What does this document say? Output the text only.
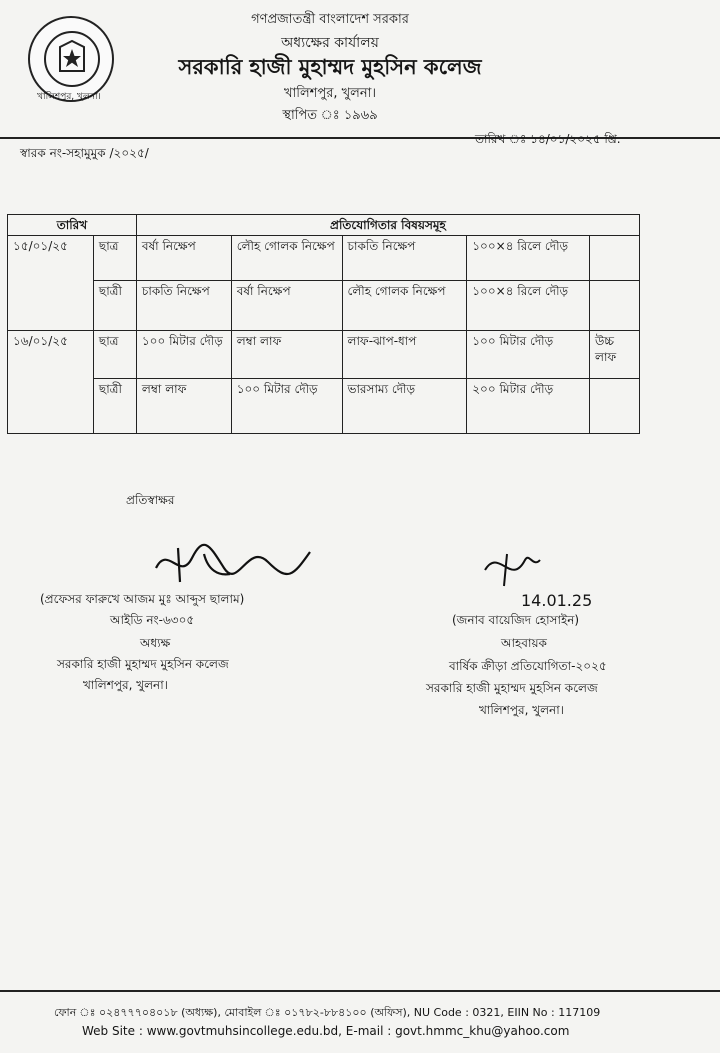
খালিশপুর, খুলনা।
গণপ্রজাতন্ত্রী বাংলাদেশ সরকার
অধ্যক্ষের কার্যালয়
সরকারি হাজী মুহাম্মদ মুহসিন কলেজ
খালিশপুর, খুলনা।
স্থাপিত ঃ ১৯৬৯
স্বারক নং-সহামুমুক /২০২৫/
তারিখ ঃ ১৪/০১/২০২৫ খ্রি.
তারিখ		প্রতিযোগিতার বিষয়সমূহ				
১৫/০১/২৫	ছাত্র	বর্ষা নিক্ষেপ	লৌহ গোলক নিক্ষেপ	চাকতি নিক্ষেপ	১০০×৪ রিলে দৌড়	
	ছাত্রী	চাকতি নিক্ষেপ	বর্ষা নিক্ষেপ	লৌহ গোলক নিক্ষেপ	১০০×৪ রিলে দৌড়	
১৬/০১/২৫	ছাত্র	১০০ মিটার দৌড়	লম্বা লাফ	লাফ-ঝাপ-ধাপ	১০০ মিটার দৌড়	উচ্চ লাফ
	ছাত্রী	লম্বা লাফ	১০০ মিটার দৌড়	ভারসাম্য দৌড়	২০০ মিটার দৌড়	
প্রতিস্বাক্ষর
(প্রফেসর ফারুখে আজম মুঃ আব্দুস ছালাম)
আইডি নং-৬৩০৫
অধ্যক্ষ
সরকারি হাজী মুহাম্মদ মুহসিন কলেজ
খালিশপুর, খুলনা।
14.01.25
(জনাব বায়েজিদ হোসাইন)
আহবায়ক
বার্ষিক ক্রীড়া প্রতিযোগিতা-২০২৫
সরকারি হাজী মুহাম্মদ মুহসিন কলেজ
খালিশপুর, খুলনা।
ফোন ঃ ০২৪৭৭৭০৪০১৮ (অধ্যক্ষ), মোবাইল ঃ ০১৭৮২-৮৮৪১০০ (অফিস), NU Code : 0321, EIIN No : 117109
Web Site : www.govtmuhsincollege.edu.bd, E-mail : govt.hmmc_khu@yahoo.com
